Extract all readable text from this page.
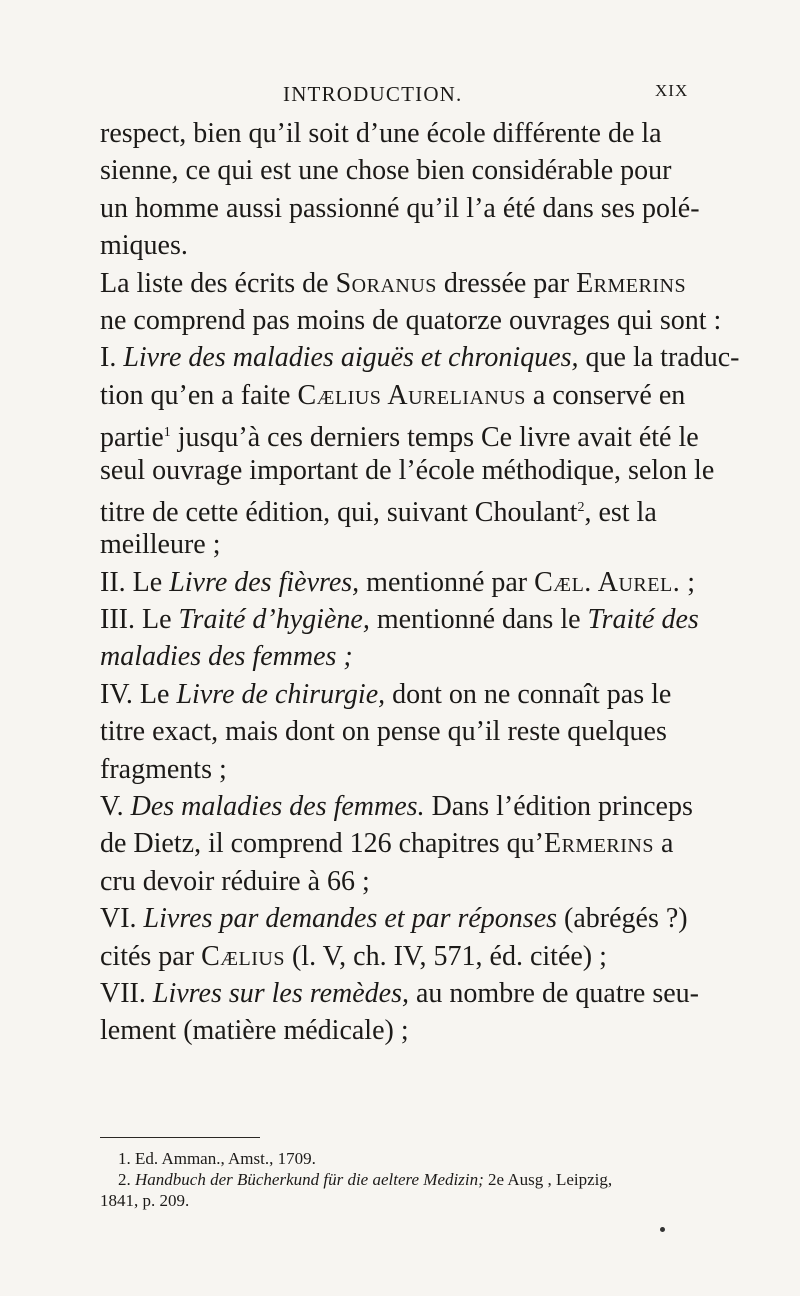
INTRODUCTION.	XIX
respect, bien qu’il soit d’une école différente de la
sienne, ce qui est une chose bien considérable pour
un homme aussi passionné qu’il l’a été dans ses polé-
miques.
La liste des écrits de Soranus dressée par Ermerins
ne comprend pas moins de quatorze ouvrages qui sont :
I. Livre des maladies aiguës et chroniques, que la traduc-
tion qu’en a faite Cælius Aurelianus a conservé en
partie$^1$ jusqu’à ces derniers temps Ce livre avait été le
seul ouvrage important de l’école méthodique, selon le
titre de cette édition, qui, suivant Choulant$^2$, est la
meilleure ;
II. Le Livre des fièvres, mentionné par Cæl. Aurel. ;
III. Le Traité d’hygiène, mentionné dans le Traité des
maladies des femmes ;
IV. Le Livre de chirurgie, dont on ne connaît pas le
titre exact, mais dont on pense qu’il reste quelques
fragments ;
V. Des maladies des femmes. Dans l’édition princeps
de Dietz, il comprend 126 chapitres qu’Ermerins a
cru devoir réduire à 66 ;
VI. Livres par demandes et par réponses (abrégés ?)
cités par Cælius (l. V, ch. IV, 571, éd. citée) ;
VII. Livres sur les remèdes, au nombre de quatre seu-
lement (matière médicale) ;
1. Ed. Amman., Amst., 1709.
2. Handbuch der Bücherkund für die aeltere Medizin; 2e Ausg , Leipzig,
1841, p. 209.
